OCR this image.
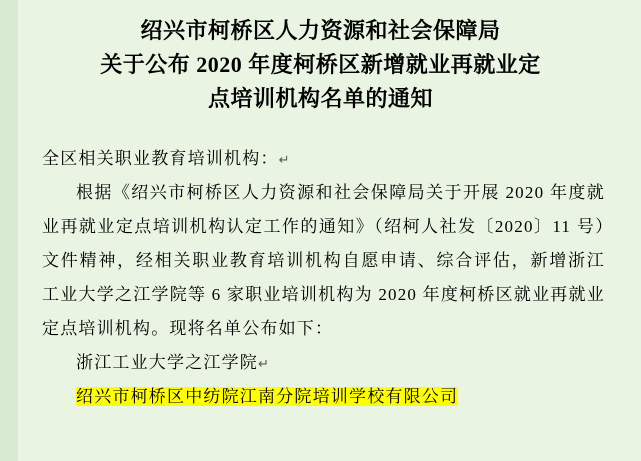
绍兴市柯桥区人力资源和社会保障局
关于公布 2020 年度柯桥区新增就业再就业定
点培训机构名单的通知

全区相关职业教育培训机构：↵

根据《绍兴市柯桥区人力资源和社会保障局关于开展 2020 年度就业再就业定点培训机构认定工作的通知》（绍柯人社发〔2020〕11 号）文件精神，经相关职业教育培训机构自愿申请、综合评估，新增浙江工业大学之江学院等 6 家职业培训机构为 2020 年度柯桥区就业再就业定点培训机构。现将名单公布如下：

浙江工业大学之江学院↵

绍兴市柯桥区中纺院江南分院培训学校有限公司
